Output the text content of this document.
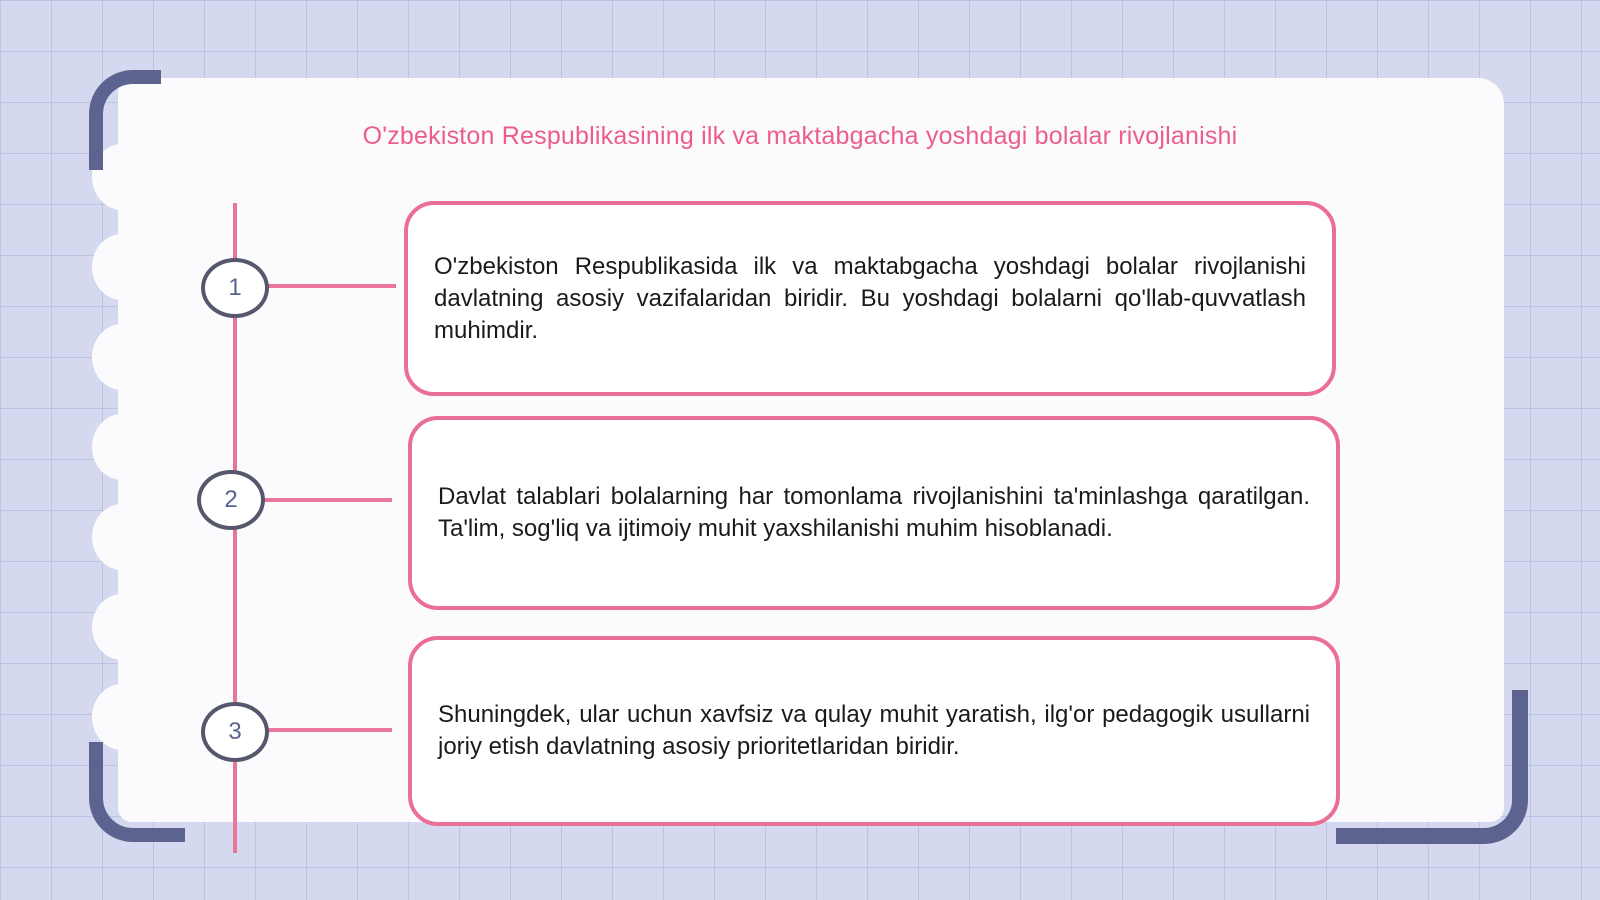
O'zbekiston Respublikasining ilk va maktabgacha yoshdagi bolalar rivojlanishi
1
2
3

O'zbekiston Respublikasida ilk va maktabgacha yoshdagi bolalar rivojlanishi davlatning asosiy vazifalaridan biridir. Bu yoshdagi bolalarni qo'llab-quvvatlash muhimdir.

Davlat talablari bolalarning har tomonlama rivojlanishini ta'minlashga qaratilgan. Ta'lim, sog'liq va ijtimoiy muhit yaxshilanishi muhim hisoblanadi.

Shuningdek, ular uchun xavfsiz va qulay muhit yaratish, ilg'or pedagogik usullarni joriy etish davlatning asosiy prioritetlaridan biridir.
